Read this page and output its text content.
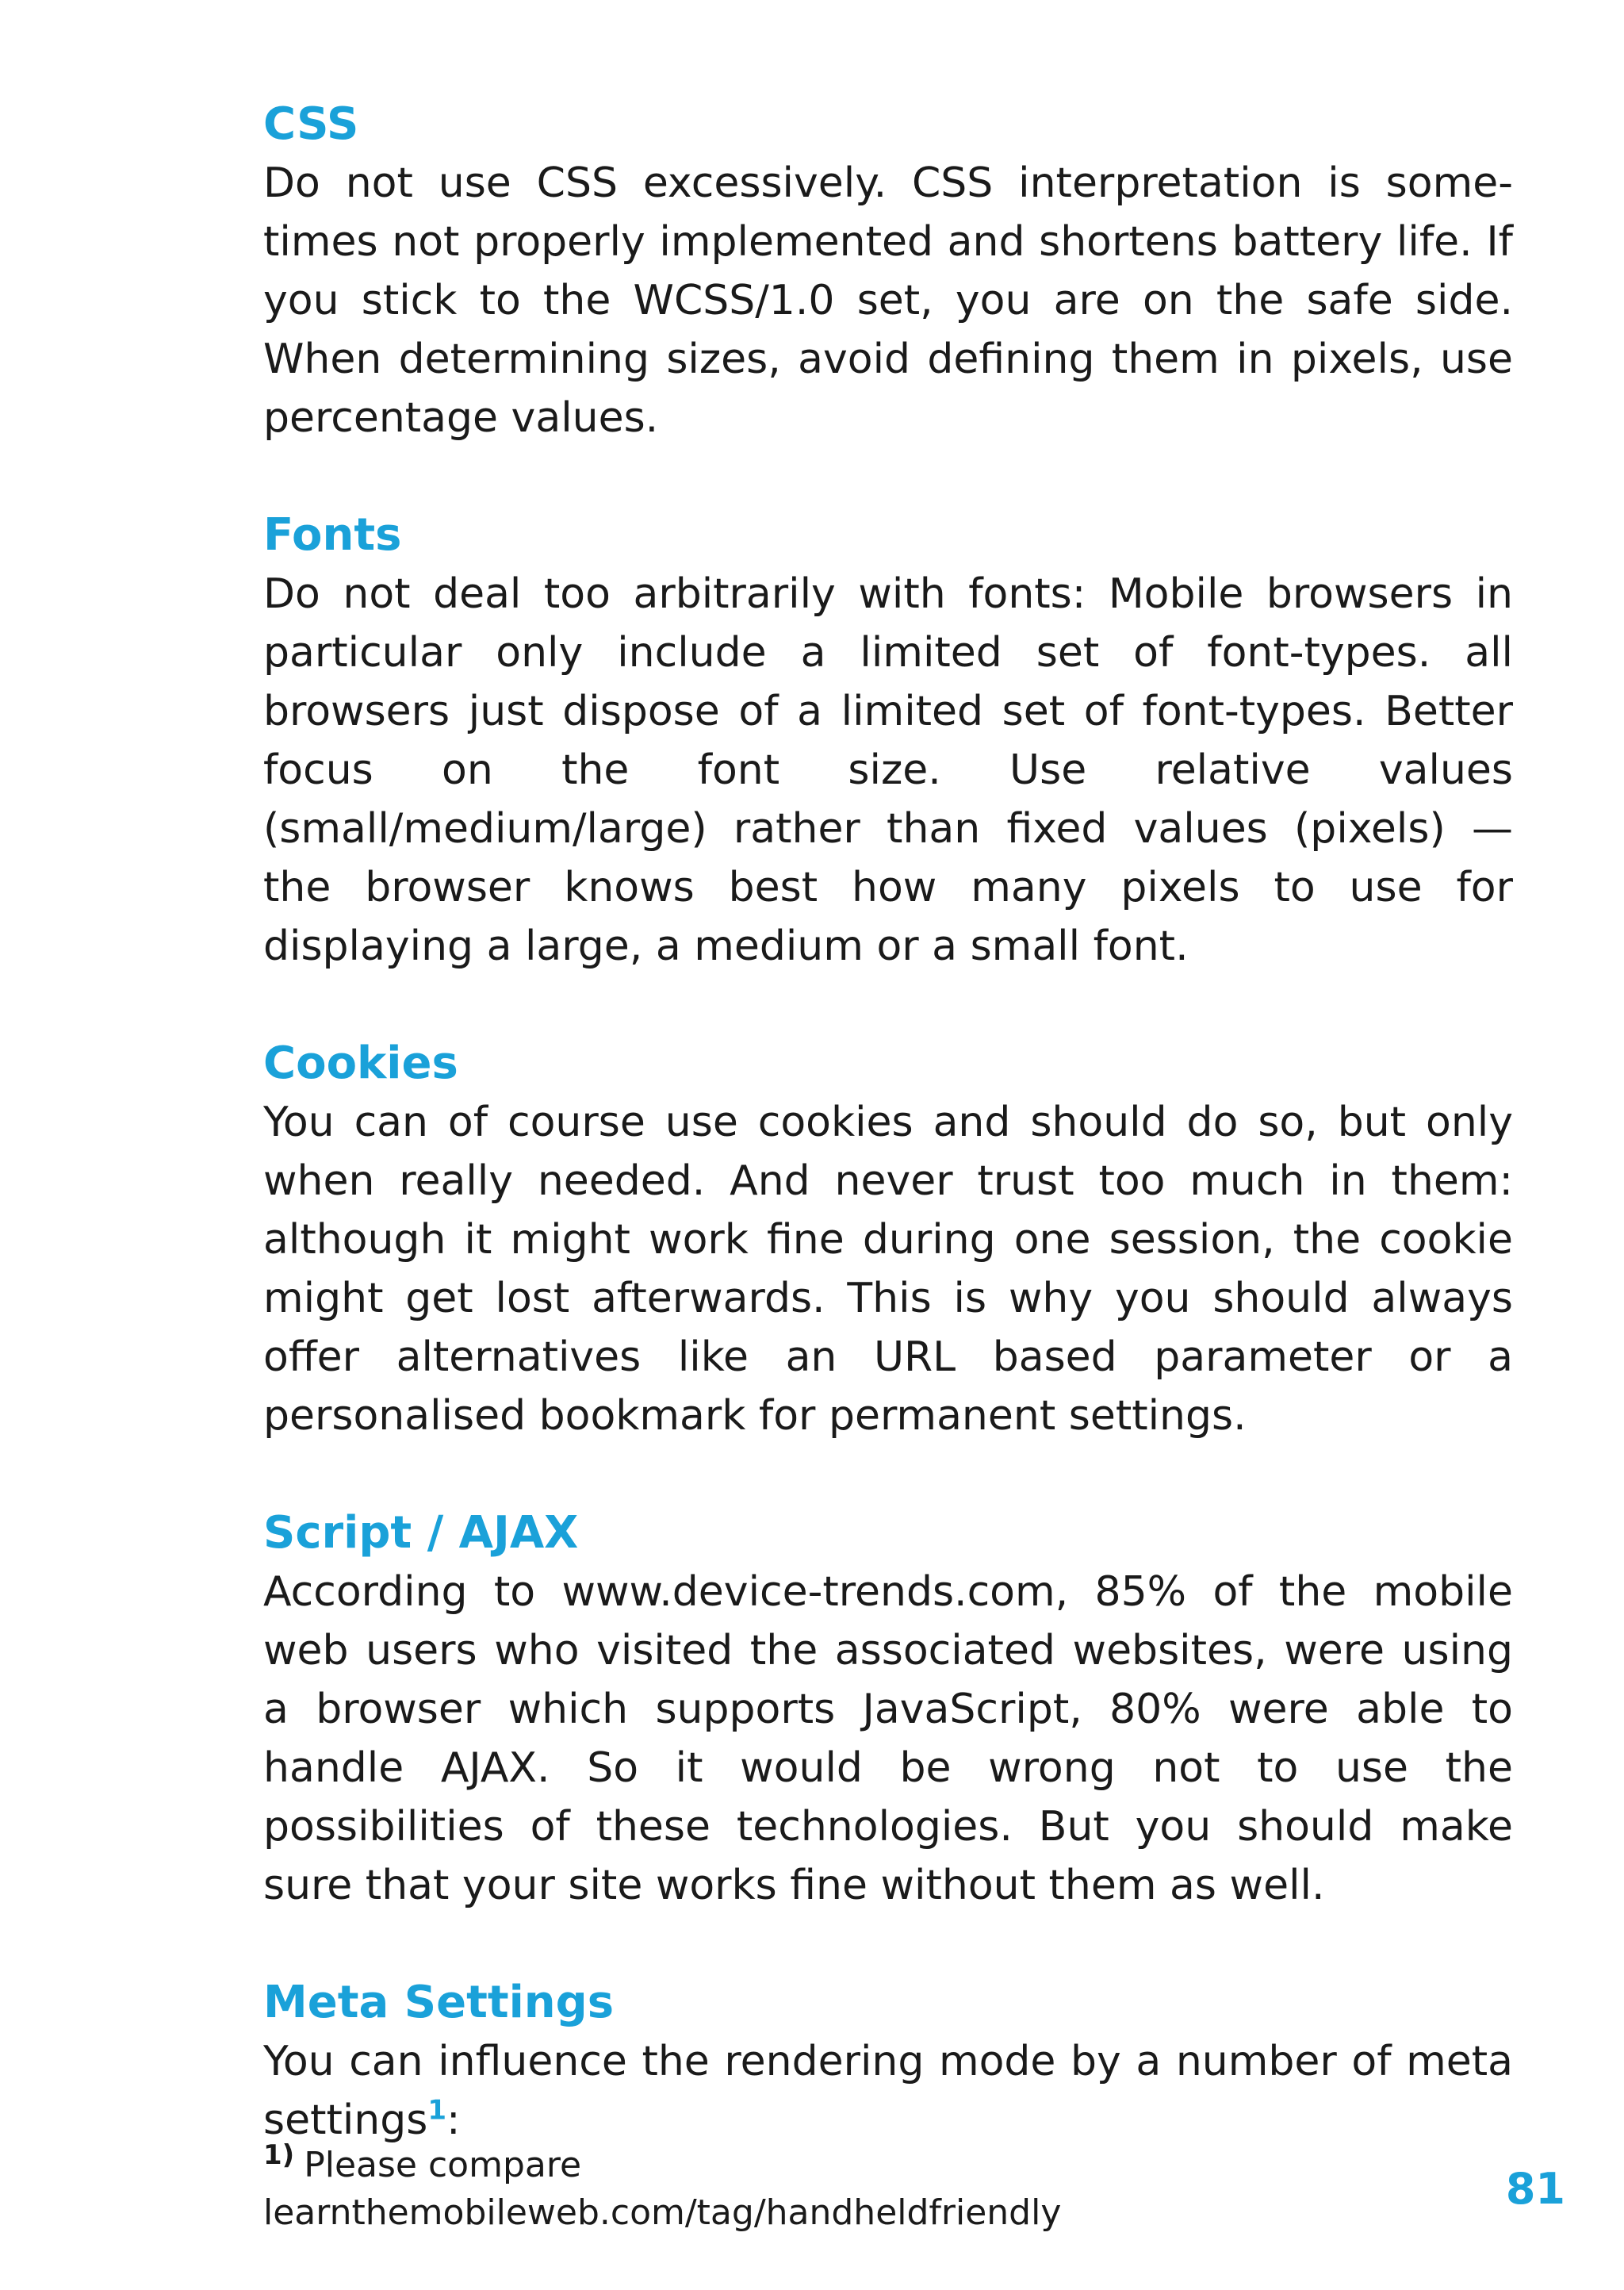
CSS

Do not use CSS excessively. CSS interpretation is sometimes not properly implemented and shortens battery life. If you stick to the WCSS/1.0 set, you are on the safe side. When determining sizes, avoid defining them in pixels, use percentage values.

Fonts

Do not deal too arbitrarily with fonts: Mobile browsers in particular only include a limited set of font-types. all browsers just dispose of a limited set of font-types. Better focus on the font size. Use relative values (small/medium/large) rather than fixed values (pixels) — the browser knows best how many pixels to use for displaying a large, a medium or a small font.

Cookies

You can of course use cookies and should do so, but only when really needed. And never trust too much in them: although it might work fine during one session, the cookie might get lost afterwards. This is why you should always offer alternatives like an URL based parameter or a personalised bookmark for permanent settings.

Script / AJAX

According to www.device-trends.com, 85% of the mobile web users who visited the associated websites, were using a browser which supports JavaScript, 80% were able to handle AJAX. So it would be wrong not to use the possibilities of these technologies. But you should make sure that your site works fine without them as well.

Meta Settings

You can influence the rendering mode by a number of meta settings$^1$:

$^{1)}$ Please compare learnthemobileweb.com/tag/handheldfriendly	81
